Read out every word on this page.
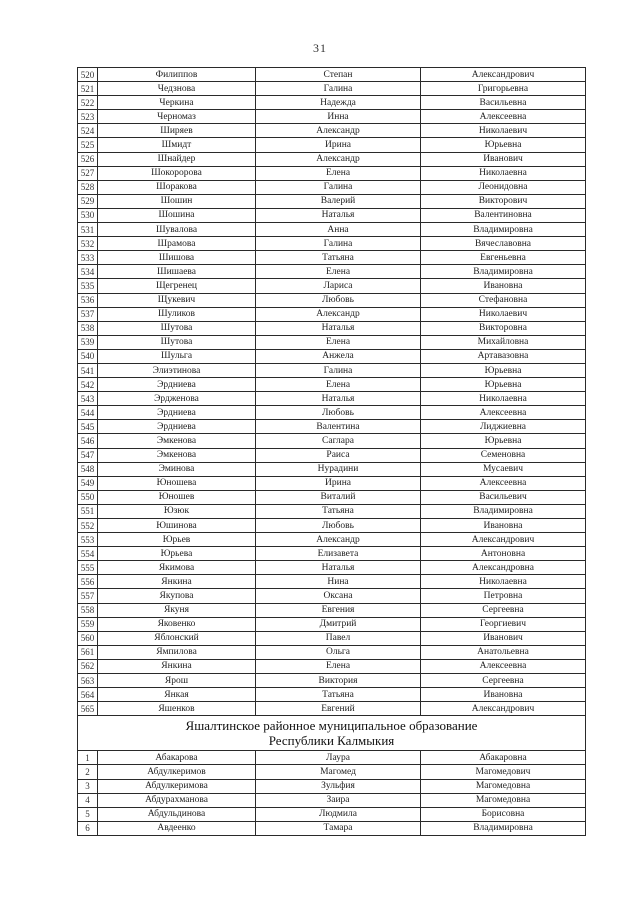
31
520	Филиппов	Степан	Александрович
521	Чедзнова	Галина	Григорьевна
522	Черкина	Надежда	Васильевна
523	Черномаз	Инна	Алексеевна
524	Ширяев	Александр	Николаевич
525	Шмидт	Ирина	Юрьевна
526	Шнайдер	Александр	Иванович
527	Шокоророва	Елена	Николаевна
528	Шоракова	Галина	Леонидовна
529	Шошин	Валерий	Викторович
530	Шошина	Наталья	Валентиновна
531	Шувалова	Анна	Владимировна
532	Шрамова	Галина	Вячеславовна
533	Шишова	Татьяна	Евгеньевна
534	Шишаева	Елена	Владимировна
535	Щегренец	Лариса	Ивановна
536	Щукевич	Любовь	Стефановна
537	Шуликов	Александр	Николаевич
538	Шутова	Наталья	Викторовна
539	Шутова	Елена	Михайловна
540	Шульга	Анжела	Артавазовна
541	Элиэтинова	Галина	Юрьевна
542	Эрдниева	Елена	Юрьевна
543	Эрдженова	Наталья	Николаевна
544	Эрдниева	Любовь	Алексеевна
545	Эрдниева	Валентина	Лиджиевна
546	Эмкенова	Саглара	Юрьевна
547	Эмкенова	Раиса	Семеновна
548	Эминова	Нурадини	Мусаевич
549	Юношева	Ирина	Алексеевна
550	Юношев	Виталий	Васильевич
551	Юзюк	Татьяна	Владимировна
552	Юшинова	Любовь	Ивановна
553	Юрьев	Александр	Александрович
554	Юрьева	Елизавета	Антоновна
555	Якимова	Наталья	Александровна
556	Янкина	Нина	Николаевна
557	Якупова	Оксана	Петровна
558	Якуня	Евгения	Сергеевна
559	Яковенко	Дмитрий	Георгиевич
560	Яблонский	Павел	Иванович
561	Ямпилова	Ольга	Анатольевна
562	Янкина	Елена	Алексеевна
563	Ярош	Виктория	Сергеевна
564	Янкая	Татьяна	Ивановна
565	Яшенков	Евгений	Александрович

Яшалтинское районное муниципальное образование
Республики Калмыкия			

1	Абакарова	Лаура	Абакаровна
2	Абдулкеримов	Магомед	Магомедович
3	Абдулкеримова	Зульфия	Магомедовна
4	Абдурахманова	Заира	Магомедовна
5	Абдульдинова	Людмила	Борисовна
6	Авдеенко	Тамара	Владимировна
